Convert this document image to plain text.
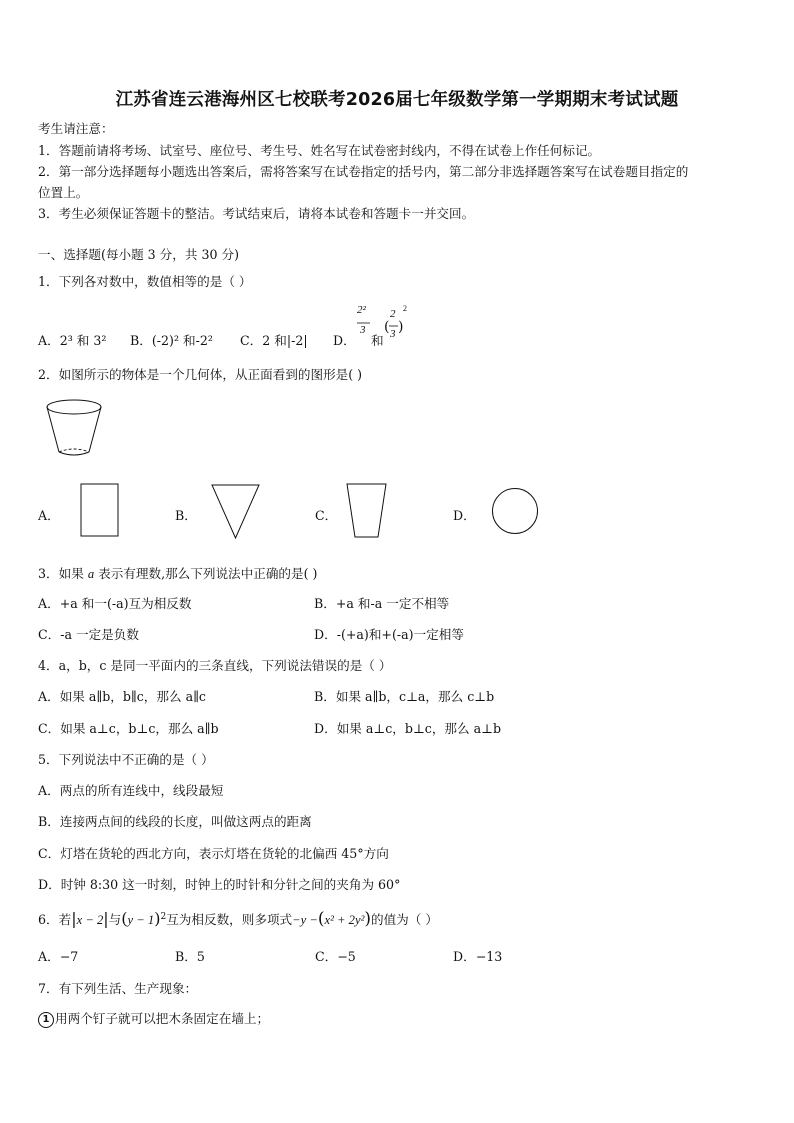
江苏省连云港海州区七校联考2026届七年级数学第一学期期末考试试题
考生请注意：
1．答题前请将考场、试室号、座位号、考生号、姓名写在试卷密封线内，不得在试卷上作任何标记。
2．第一部分选择题每小题选出答案后，需将答案写在试卷指定的括号内，第二部分非选择题答案写在试卷题目指定的
位置上。
3．考生必须保证答题卡的整洁。考试结束后，请将本试卷和答题卡一并交回。
一、选择题(每小题 3 分，共 30 分)
1．下列各对数中，数值相等的是（ ）
A．2³ 和 3² B．(-2)² 和-2² C．2 和|-2| D．
2²
3
和
2 2
( )
3
2．如图所示的物体是一个几何体，从正面看到的图形是( )
A．	B．	C．	D．
3．如果 a 表示有理数,那么下列说法中正确的是( )
A．+a 和一(-a)互为相反数	B．+a 和-a 一定不相等
C．-a 一定是负数	D．-(+a)和+(-a)一定相等
4．a，b，c 是同一平面内的三条直线，下列说法错误的是（ ）
A．如果 a∥b，b∥c，那么 a∥c	B．如果 a∥b，c⊥a，那么 c⊥b
C．如果 a⊥c，b⊥c，那么 a∥b	D．如果 a⊥c，b⊥c，那么 a⊥b
5．下列说法中不正确的是（ ）
A．两点的所有连线中，线段最短
B．连接两点间的线段的长度，叫做这两点的距离
C．灯塔在货轮的西北方向，表示灯塔在货轮的北偏西 45°方向
D．时钟 8:30 这一时刻，时钟上的时针和分针之间的夹角为 60°
6．若|x − 2|与$(y - 1)^2$互为相反数，则多项式−y −(x² + 2y²)的值为（ ）
A．−7	B．5	C．−5	D．−13
7．有下列生活、生产现象：
1 用两个钉子就可以把木条固定在墙上；
